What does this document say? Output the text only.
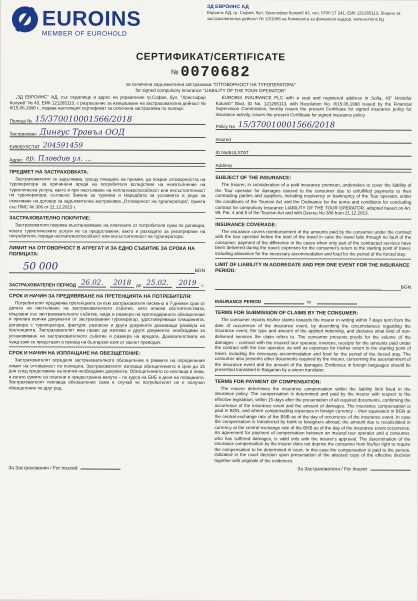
EUROINS
MEMBER OF EUROHOLD
ЗД ЕВРОИНС АД
Евроинс АД, гр. София, бул. Христофор Колумб 43, тел. 0700 17 241, ЕИК 121265113, Лиценз за застрахователна дейност № 10/1998 на Комисията за финансов надзор, www.euroins.bg
СЕРТИФИКАТ/CERTIFICATE
№ 0070682
за сключена задължителна застраховка "ОТГОВОРНОСТ НА ТУРОПЕРАТОРА"
for signed compulsory insurance "LIABILITY OF THE TOUR OPERATOR"

„ЗД ЕВРОИНС" АД, със седалище и адрес на управление гр.София, бул. "Христофор Колумб" № 43, ЕИК 121265113, с разрешение за извършване на застрахователна дейност № 8/15.06.1998 г., издава настоящия сертификат за сключена застраховка по полица:

Полица № 15/370010001566/2018
Застрахован Дингус Травъл ООД
ЕИК/БУЛСТАТ 204591459
Адрес гр. Пловдив ул. ...
ПРЕДМЕТ НА ЗАСТРАХОВКАТА:

Застрахователят се задължава, срещу плащане на премия, да покрие отговорността на туроператора за причинени вреди на потребителя вследствие на неизпълнение на туристическа услуга, както и при настъпване на неплатежоспособност или несъстоятелност на туроператора, съгласно Закона за туризма и Наредбата за условията и реда за сключване на договор за задължителна застраховка „Отговорност на туроператора", приета със ПМС № 306 от 21.12.2013 г.

ЗАСТРАХОВАТЕЛНО ПОКРИТИЕ:

Застрахователя покрива възстановяване на платените от потребителя суми по договора, когато туристическите услуги не са предоставени, както и разходите за репатриране на потребителя, поради неплатежоспособност или несъстоятелност на туроператора.

ЛИМИТ НА ОТГОВОРНОСТ В АГРЕГАТ И ЗА ЕДНО СЪБИТИЕ ЗА СРОКА НА ПОЛИЦАТА:
50 000	BGN
ЗАСТРАХОВАТЕЛЕН ПЕРИОД 26.02.	2018	до 25.02.	2019	г.
СРОК И НАЧИН ЗА ПРЕДЯВЯВАНЕ НА ПРЕТЕНЦИЯТА НА ПОТРЕБИТЕЛЯ:

Потребителят предявява претенцията си към застрахователя писмено в 7-дневен срок от датата на настъпване на застрахователното събитие, като описва обстоятелствата, свързани със застрахователното събитие, вида и размера на претендираното обезщетение и прилага всички документи от застрахования туроператор, удостоверяващи плащанията, договора с туроператора, фактури, разписки и други документи доказващи размера на претенцията. Застрахователят има право да изисква и други документи, необходими за установяване на застрахователното събитие и размера на вредата. Доказателствата на чужд език се представят в превод на български език от заклет преводач.

СРОК И НАЧИН НА ИЗПЛАЩАНЕ НА ОБЕЗЩЕТЕНИЕ:

Застрахователят определя застрахователното обезщетение в рамките на определения лимит на отговорност по полицата. Застрахователят изплаща обезщетението в срок до 15 дни след представяне на всички необходими документи. Обезщетението се изплаща в лева, а когато сумите са платени в чуждестранна валута – по курса на БНБ в деня на плащането. Застрахователят изплаща обезщетение само в случай че потребителят не е получил обезщетение по друг ред.

EUROINS INSURANCE PLC with a seat and registered address in Sofia, 43" Hristofor Kolumb" Blvd, ID No. 121265113, with Resolution No. 8/15.06.1998 issued by the Financial Supervision Commission, hereby issues the present Certificate for signed insurance policy for insurance activity, issues the present Certificate for signed insurance policy

Policy No 15/370010001566/2018
Insured
ID No/BULSTAT
Address
SUBJECT OF THE INSURANCE:

The Insurer, in consideration of a paid insurance premium, undertakes to cover the liability of the Tour operator for damages caused to the consumer due to unfulfilled payments to their contracting parties and suppliers, including insolvency or bankruptcy of the Tour operator, under the conditions of the Tourism Act and the Ordinance for the terms and conditions for concluding contract for compulsory insurance LIABILITY OF THE TOUR OPERATOR, adopted based on Art. 99, Par. 4 and 5 of the Tourism Act and with Decree No 306 from 21.12.2013.

INSURANCE COVERAGE:

The insurance covers reimbursement of the amounts paid by the consumer under the contract with the tour operator before the start of the travel in case the travel fails through no fault of the consumer; payment of the difference in the cases when only part of the contracted services have been delivered during the travel; expenses for the consumer's return to the starting point of travel, including allowance for the necessary accommodation and food for the period of the forced stay.

LIMIT OF LIABILITY IN AGGREGATE AND PER ONE EVENT FOR THE INSURANCE PERIOD:
BGN
INSURANCE PERIOD	to
TERMS FOR SUBMISSION OF CLAIMS BY THE CONSUMER:

The consumer reports his/her claims towards the insurer in writing within 7-days term from the date of occurrence of the insurance event, by describing the circumstances regarding the insurance event, the type and amount of the applied indemnity, and declares what kind of non-delivered services the claim refers to. The consumer presents proofs for the volume of the damages – contract with the insured tour operator, invoices, receipts for the amounts paid under the contract with the tour operator, as well as expenses for his/her return to the starting point of travel, including the necessary accommodation and food for the period of the forced stay. The consumer also presents other documents required by the insurer, concerning the ascertainment of the insurance event and the amount of the damages. Evidences in foreign languages should be presented translated in Bulgarian by a sworn translator.

TERMS FOR PAYMENT OF COMPENSATION:

The insurer determines the insurance compensation within the liability limit fixed in the insurance policy. The compensation is determined and paid by the insurer with respect to the effective legislation, within 15 days after the presentation of all required documents, confirming the occurrence of the insurance event and the amount of damages. The insurance compensation is paid in BGN, and where compensating expenses in foreign currency – their equivalent in BGN at the central exchange rate of the BNB as of the day of occurrence of the insurance event. In case the compensation is transferred by bank to foreigners abroad, the amount due is recalculated in currency at the central exchange rate of the BNB as of the day of the insurance event occurrence. An agreement for payment of compensation between an insured tour operator and a consumer, who has suffered damages, is valid only with the insurer's approval. The determination of the insurance compensation by the insurer does not deprive the consumer from his/her right to require the compensation to be determined in court. In this case the compensation is paid to the person, indicated in the court decision upon presentation of the attested copy of the effective decision together with originals of the evidences.

За Застрахования / For Insured	За Застрахователя / For Insurer
